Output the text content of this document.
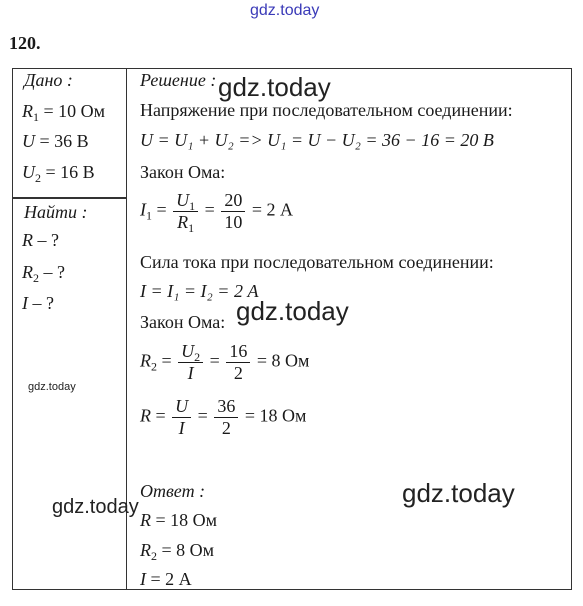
gdz.today
120.
Дано :
$R_1 = 10$ Ом
U = 36 В
$U_2 = 16$ В
Найти :
R – ?
$R_2$ – ?
I – ?
Решение :
Напряжение при последовательном соединении:
U = U₁ + U₂ => U₁ = U − U₂ = 36 − 16 = 20 В
Закон Ома:
$I_1 = \frac{U_1}{R_1} = \frac{20}{10} = 2$ А
Сила тока при последовательном соединении:
I = I₁ = I₂ = 2 А
Закон Ома:
$R_2 = \frac{U_2}{I} = \frac{16}{2} = 8$ Ом
$R = \frac{U}{I} = \frac{36}{2} = 18$ Ом
Ответ :
R = 18 Ом
$R_2 = 8$ Ом
I = 2 А
gdz.today
gdz.today
gdz.today
gdz.today
gdz.today
